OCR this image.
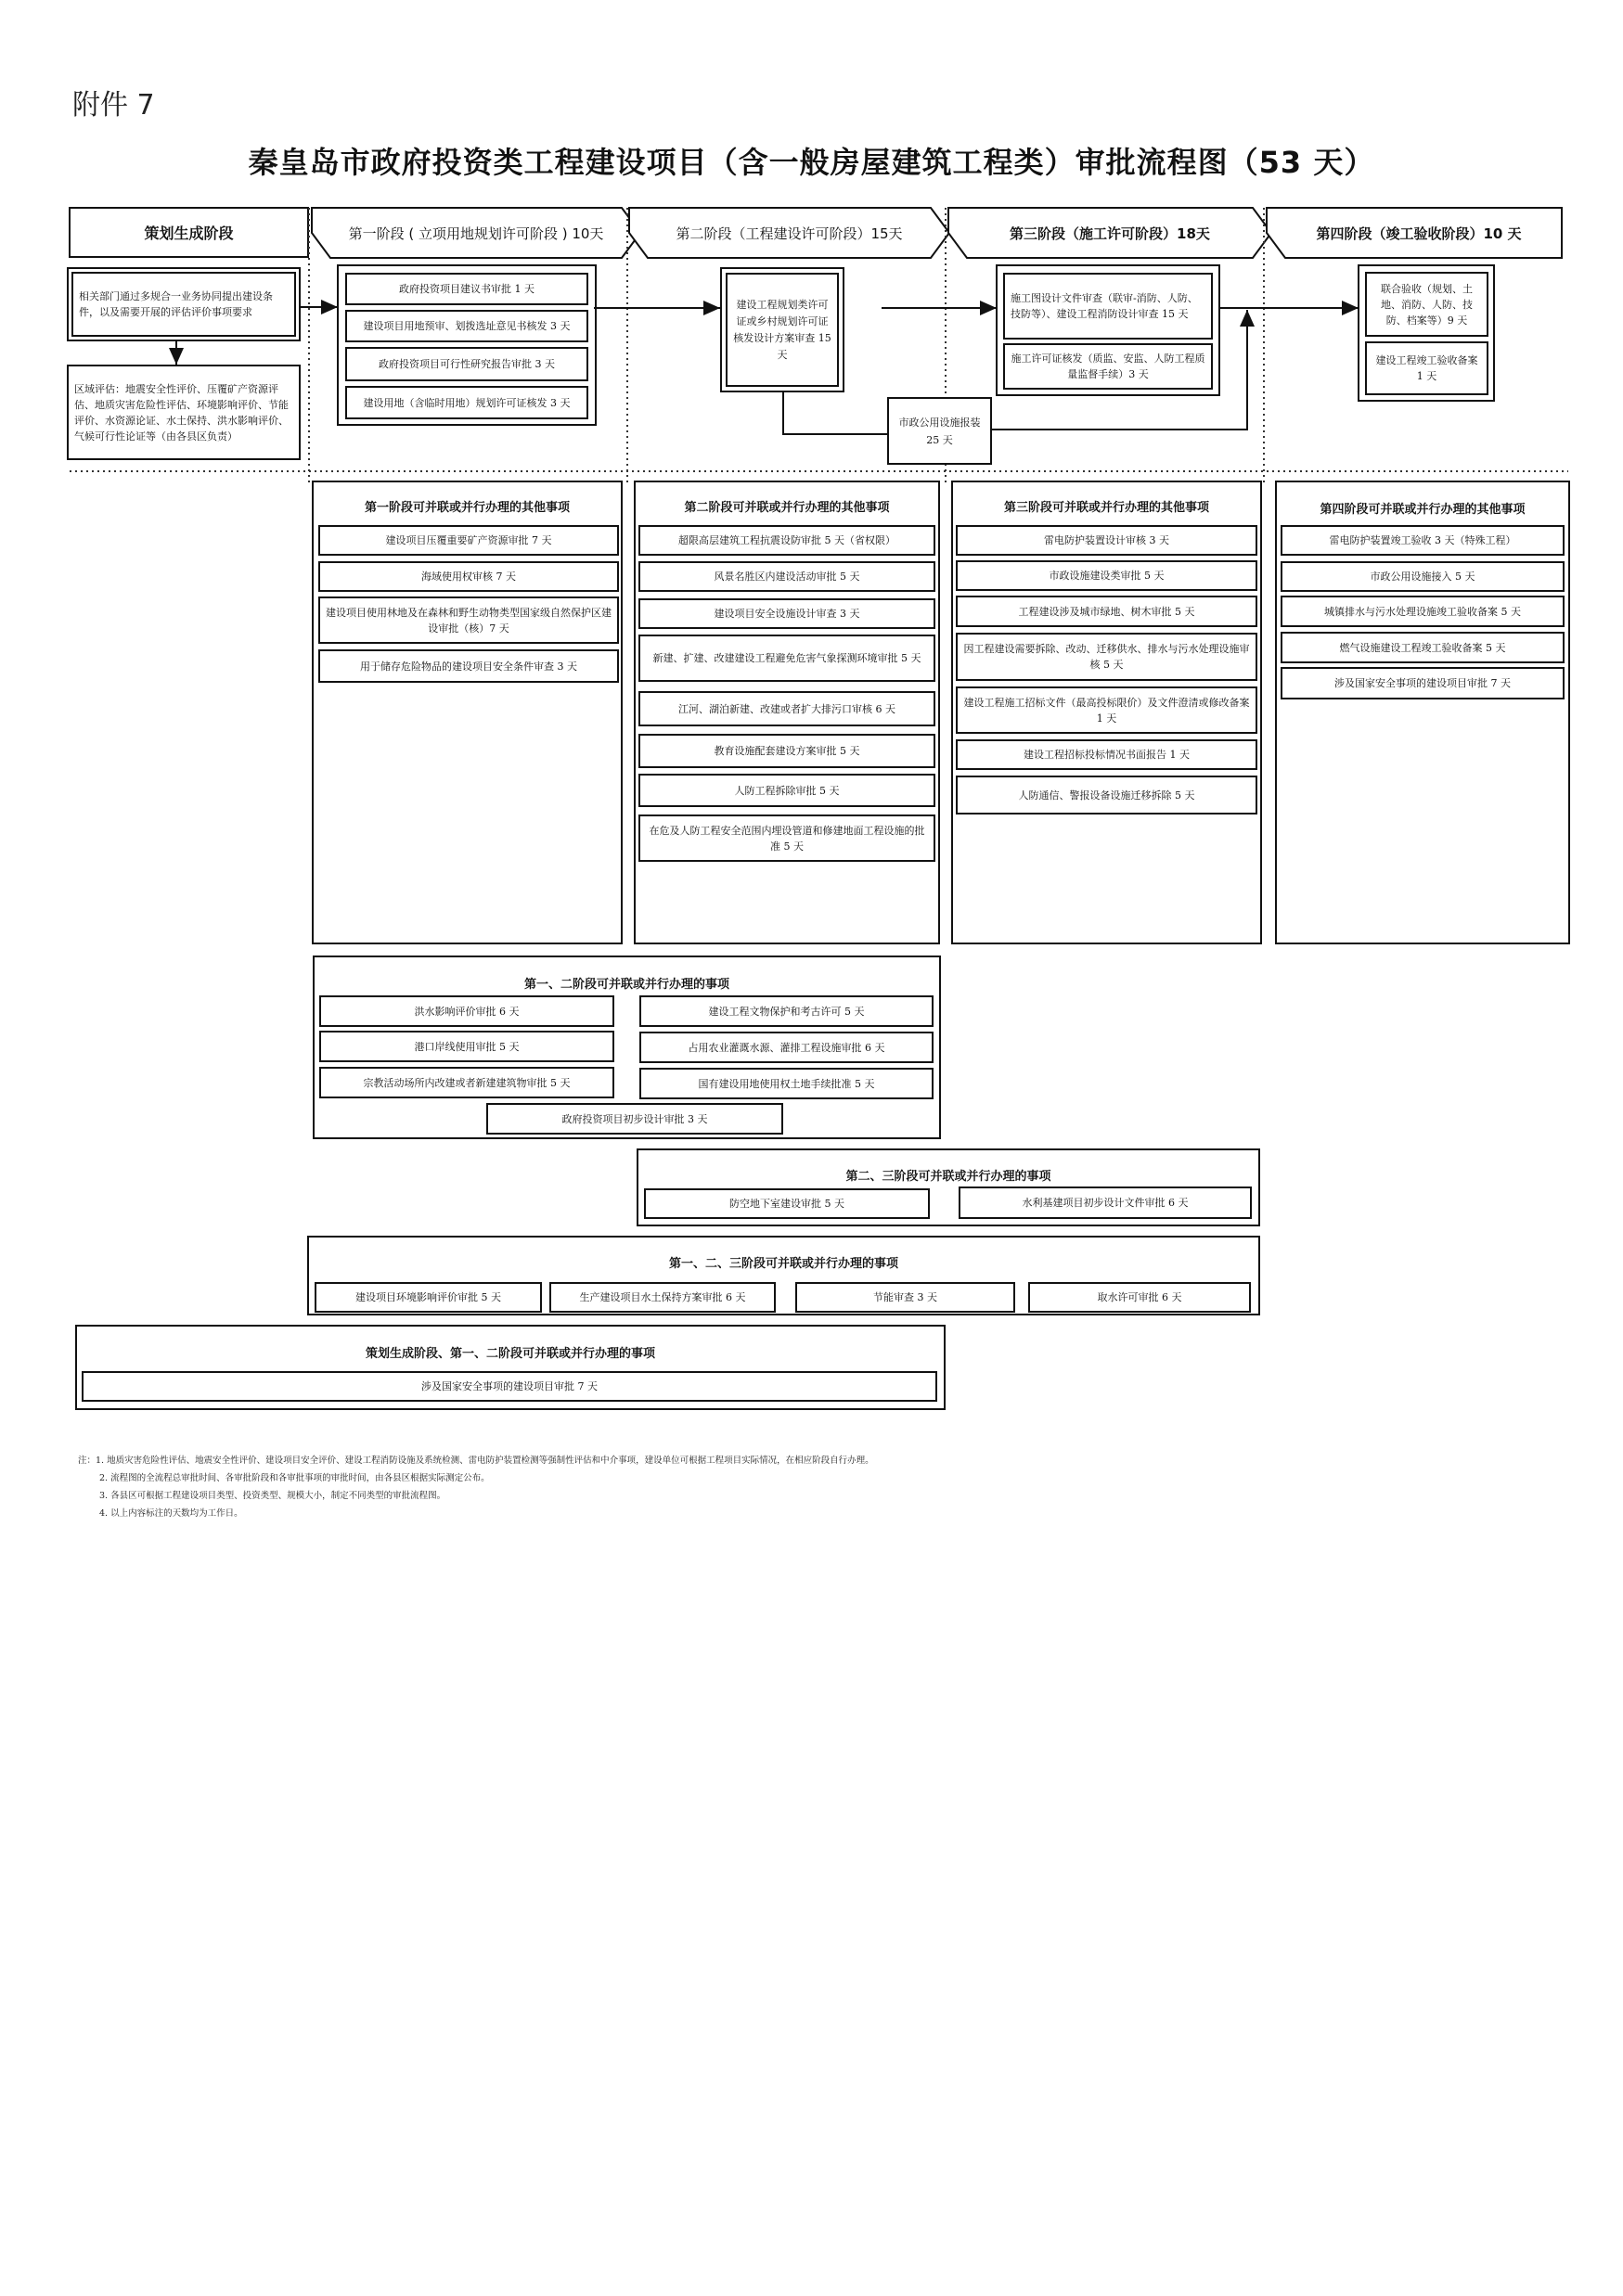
附件 7
秦皇岛市政府投资类工程建设项目（含一般房屋建筑工程类）审批流程图（53 天）
策划生成阶段	第一阶段 ( 立项用地规划许可阶段 ) 10天	第二阶段（工程建设许可阶段）15天	第三阶段（施工许可阶段）18天	第四阶段（竣工验收阶段）10 天
相关部门通过多规合一业务协同提出建设条件，以及需要开展的评估评价事项要求
区域评估：地震安全性评价、压覆矿产资源评估、地质灾害危险性评估、环境影响评价、节能评价、水资源论证、水土保持、洪水影响评价、气候可行性论证等（由各县区负责）
政府投资项目建议书审批 1 天
建设项目用地预审、划拨选址意见书核发 3 天
政府投资项目可行性研究报告审批 3 天
建设用地（含临时用地）规划许可证核发 3 天
建设工程规划类许可证或乡村规划许可证核发设计方案审查 15 天
市政公用设施报装 25 天
施工图设计文件审查（联审-消防、人防、技防等）、建设工程消防设计审查 15 天
施工许可证核发（质监、安监、人防工程质量监督手续）3 天
联合验收（规划、土地、消防、人防、技防、档案等）9 天
建设工程竣工验收备案 1 天
第一阶段可并联或并行办理的其他事项
建设项目压覆重要矿产资源审批 7 天
海域使用权审核 7 天
建设项目使用林地及在森林和野生动物类型国家级自然保护区建设审批（核）7 天
用于储存危险物品的建设项目安全条件审查 3 天
第二阶段可并联或并行办理的其他事项
超限高层建筑工程抗震设防审批 5 天（省权限）
风景名胜区内建设活动审批 5 天
建设项目安全设施设计审查 3 天
新建、扩建、改建建设工程避免危害气象探测环境审批 5 天
江河、湖泊新建、改建或者扩大排污口审核 6 天
教育设施配套建设方案审批 5 天
人防工程拆除审批 5 天
在危及人防工程安全范围内埋设管道和修建地面工程设施的批准 5 天
第三阶段可并联或并行办理的其他事项
雷电防护装置设计审核 3 天
市政设施建设类审批 5 天
工程建设涉及城市绿地、树木审批 5 天
因工程建设需要拆除、改动、迁移供水、排水与污水处理设施审核 5 天
建设工程施工招标文件（最高投标限价）及文件澄清或修改备案 1 天
建设工程招标投标情况书面报告 1 天
人防通信、警报设备设施迁移拆除 5 天
第四阶段可并联或并行办理的其他事项
雷电防护装置竣工验收 3 天（特殊工程）
市政公用设施接入 5 天
城镇排水与污水处理设施竣工验收备案 5 天
燃气设施建设工程竣工验收备案 5 天
涉及国家安全事项的建设项目审批 7 天
第一、二阶段可并联或并行办理的事项
洪水影响评价审批 6 天
港口岸线使用审批 5 天
宗教活动场所内改建或者新建建筑物审批 5 天
建设工程文物保护和考古许可 5 天
占用农业灌溉水源、灌排工程设施审批 6 天
国有建设用地使用权土地手续批准 5 天
政府投资项目初步设计审批 3 天
第二、三阶段可并联或并行办理的事项
防空地下室建设审批 5 天	水利基建项目初步设计文件审批 6 天
第一、二、三阶段可并联或并行办理的事项
建设项目环境影响评价审批 5 天	生产建设项目水土保持方案审批 6 天	节能审查 3 天	取水许可审批 6 天
策划生成阶段、第一、二阶段可并联或并行办理的事项
涉及国家安全事项的建设项目审批 7 天
注：1. 地质灾害危险性评估、地震安全性评价、建设项目安全评价、建设工程消防设施及系统检测、雷电防护装置检测等强制性评估和中介事项，建设单位可根据工程项目实际情况，在相应阶段自行办理。
2. 流程图的全流程总审批时间、各审批阶段和各审批事项的审批时间，由各县区根据实际测定公布。
3. 各县区可根据工程建设项目类型、投资类型、规模大小，制定不同类型的审批流程图。
4. 以上内容标注的天数均为工作日。
